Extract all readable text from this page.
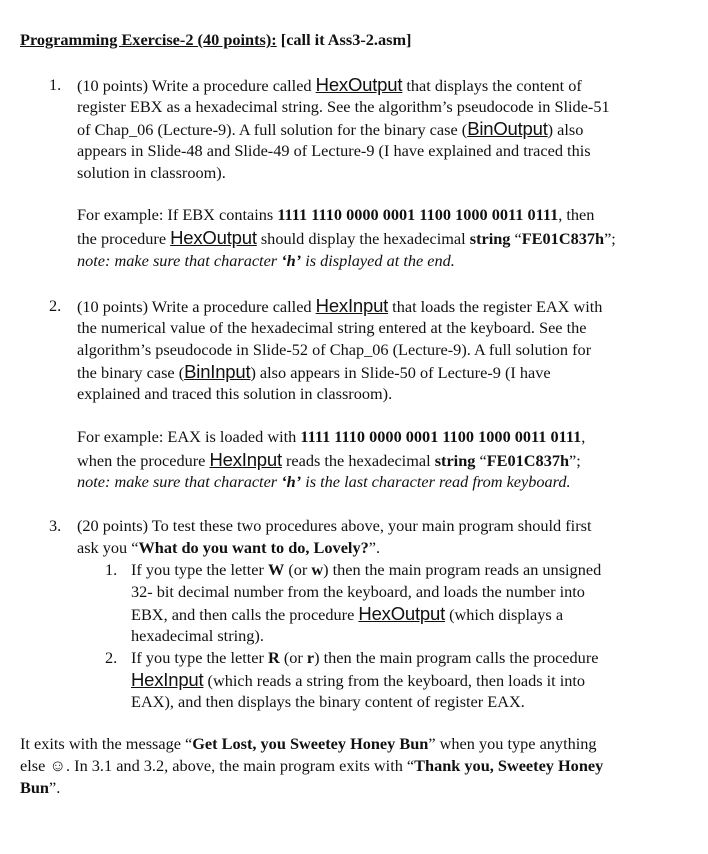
Programming Exercise-2 (40 points): [call it Ass3-2.asm]
1. (10 points) Write a procedure called HexOutput that displays the content of
register EBX as a hexadecimal string. See the algorithm’s pseudocode in Slide-51
of Chap_06 (Lecture-9). A full solution for the binary case (BinOutput) also
appears in Slide-48 and Slide-49 of Lecture-9 (I have explained and traced this
solution in classroom).
For example: If EBX contains 1111 1110 0000 0001 1100 1000 0011 0111, then
the procedure HexOutput should display the hexadecimal string “FE01C837h”;
note: make sure that character ‘h’ is displayed at the end.
2. (10 points) Write a procedure called HexInput that loads the register EAX with
the numerical value of the hexadecimal string entered at the keyboard. See the
algorithm’s pseudocode in Slide-52 of Chap_06 (Lecture-9). A full solution for
the binary case (BinInput) also appears in Slide-50 of Lecture-9 (I have
explained and traced this solution in classroom).
For example: EAX is loaded with 1111 1110 0000 0001 1100 1000 0011 0111,
when the procedure HexInput reads the hexadecimal string “FE01C837h”;
note: make sure that character ‘h’ is the last character read from keyboard.
3. (20 points) To test these two procedures above, your main program should first
ask you “What do you want to do, Lovely?”.
1. If you type the letter W (or w) then the main program reads an unsigned
32- bit decimal number from the keyboard, and loads the number into
EBX, and then calls the procedure HexOutput (which displays a
hexadecimal string).
2. If you type the letter R (or r) then the main program calls the procedure
HexInput (which reads a string from the keyboard, then loads it into
EAX), and then displays the binary content of register EAX.
It exits with the message “Get Lost, you Sweetey Honey Bun” when you type anything
else ☺. In 3.1 and 3.2, above, the main program exits with “Thank you, Sweetey Honey
Bun”.
